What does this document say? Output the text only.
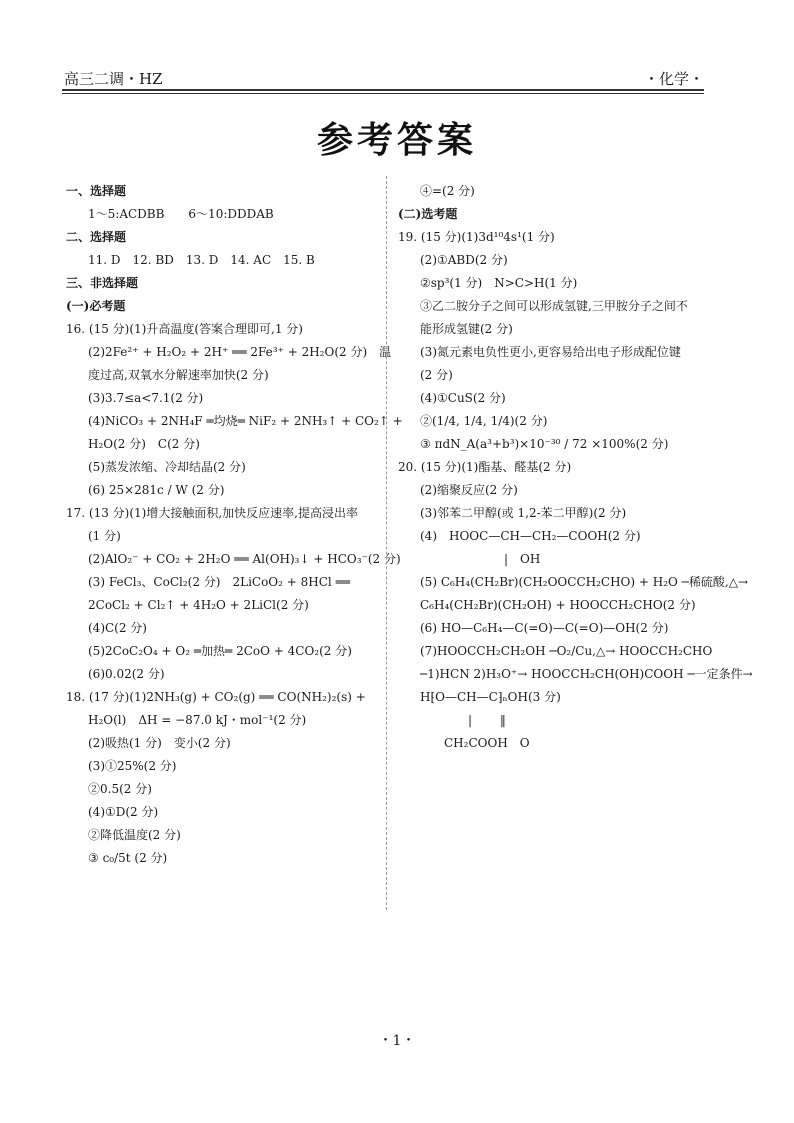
高三二调・HZ	・化学・
参考答案
一、选择题
1～5:ACDBB　　6～10:DDDAB
二、选择题
11. D　12. BD　13. D　14. AC　15. B
三、非选择题
(一)必考题
16. (15 分)(1)升高温度(答案合理即可,1 分)
(2)2Fe²⁺ + H₂O₂ + 2H⁺ ══ 2Fe³⁺ + 2H₂O(2 分)　温
度过高,双氧水分解速率加快(2 分)
(3)3.7≤a<7.1(2 分)
(4)NiCO₃ + 2NH₄F ═均烧═ NiF₂ + 2NH₃↑ + CO₂↑ +
H₂O(2 分)　C(2 分)
(5)蒸发浓缩、冷却结晶(2 分)
(6) 25×281c / W (2 分)
17. (13 分)(1)增大接触面积,加快反应速率,提高浸出率
(1 分)
(2)AlO₂⁻ + CO₂ + 2H₂O ══ Al(OH)₃↓ + HCO₃⁻(2 分)
(3) FeCl₃、CoCl₂(2 分)　2LiCoO₂ + 8HCl ══
2CoCl₂ + Cl₂↑ + 4H₂O + 2LiCl(2 分)
(4)C(2 分)
(5)2CoC₂O₄ + O₂ ═加热═ 2CoO + 4CO₂(2 分)
(6)0.02(2 分)
18. (17 分)(1)2NH₃(g) + CO₂(g) ══ CO(NH₂)₂(s) +
H₂O(l)　ΔH = −87.0 kJ・mol⁻¹(2 分)
(2)吸热(1 分)　变小(2 分)
(3)①25%(2 分)
②0.5(2 分)
(4)①D(2 分)
②降低温度(2 分)
③ c₀/5t (2 分)
④=(2 分)
(二)选考题
19. (15 分)(1)3d¹⁰4s¹(1 分)
(2)①ABD(2 分)
②sp³(1 分)　N>C>H(1 分)
③乙二胺分子之间可以形成氢键,三甲胺分子之间不
能形成氢键(2 分)
(3)氮元素电负性更小,更容易给出电子形成配位键
(2 分)
(4)①CuS(2 分)
②(1/4, 1/4, 1/4)(2 分)
③ πdN_A(a³+b³)×10⁻³⁰ / 72 ×100%(2 分)
20. (15 分)(1)酯基、醛基(2 分)
(2)缩聚反应(2 分)
(3)邻苯二甲醇(或 1,2-苯二甲醇)(2 分)
(4)　HOOC—CH—CH₂—COOH(2 分)
　　　　　　　|　OH
(5) C₆H₄(CH₂Br)(CH₂OOCCH₂CHO) + H₂O ─稀硫酸,△→
C₆H₄(CH₂Br)(CH₂OH) + HOOCCH₂CHO(2 分)
(6) HO—C₆H₄—C(=O)—C(=O)—OH(2 分)
(7)HOOCCH₂CH₂OH ─O₂/Cu,△→ HOOCCH₂CHO
─1)HCN 2)H₃O⁺→ HOOCCH₂CH(OH)COOH ─一定条件→
H⁅O—CH—C⁆ₙOH(3 分)
　　　　|　　 ‖
　　CH₂COOH　O
・1・
